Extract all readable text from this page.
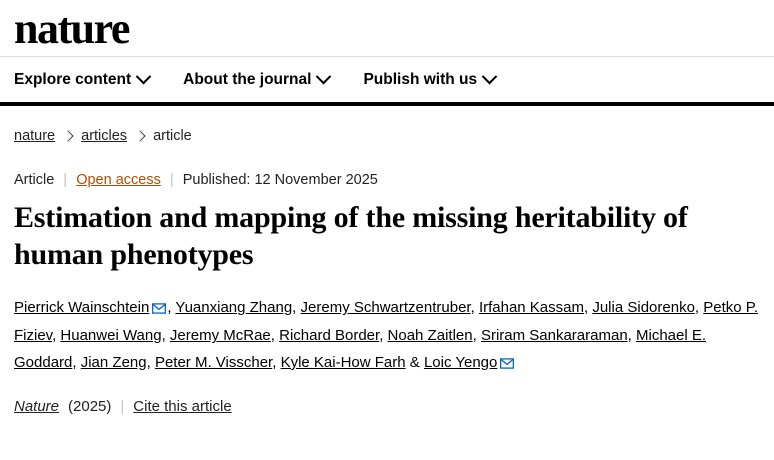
nature
Explore content	About the journal	Publish with us
nature articles article
Article | Open access | Published: 12 November 2025
Estimation and mapping of the missing heritability of human phenotypes
Pierrick Wainschtein , Yuanxiang Zhang, Jeremy Schwartzentruber, Irfahan Kassam, Julia Sidorenko, Petko P. Fiziev, Huanwei Wang, Jeremy McRae, Richard Border, Noah Zaitlen, Sriram Sankararaman, Michael E. Goddard, Jian Zeng, Peter M. Visscher, Kyle Kai-How Farh & Loic Yengo
Nature (2025) | Cite this article
